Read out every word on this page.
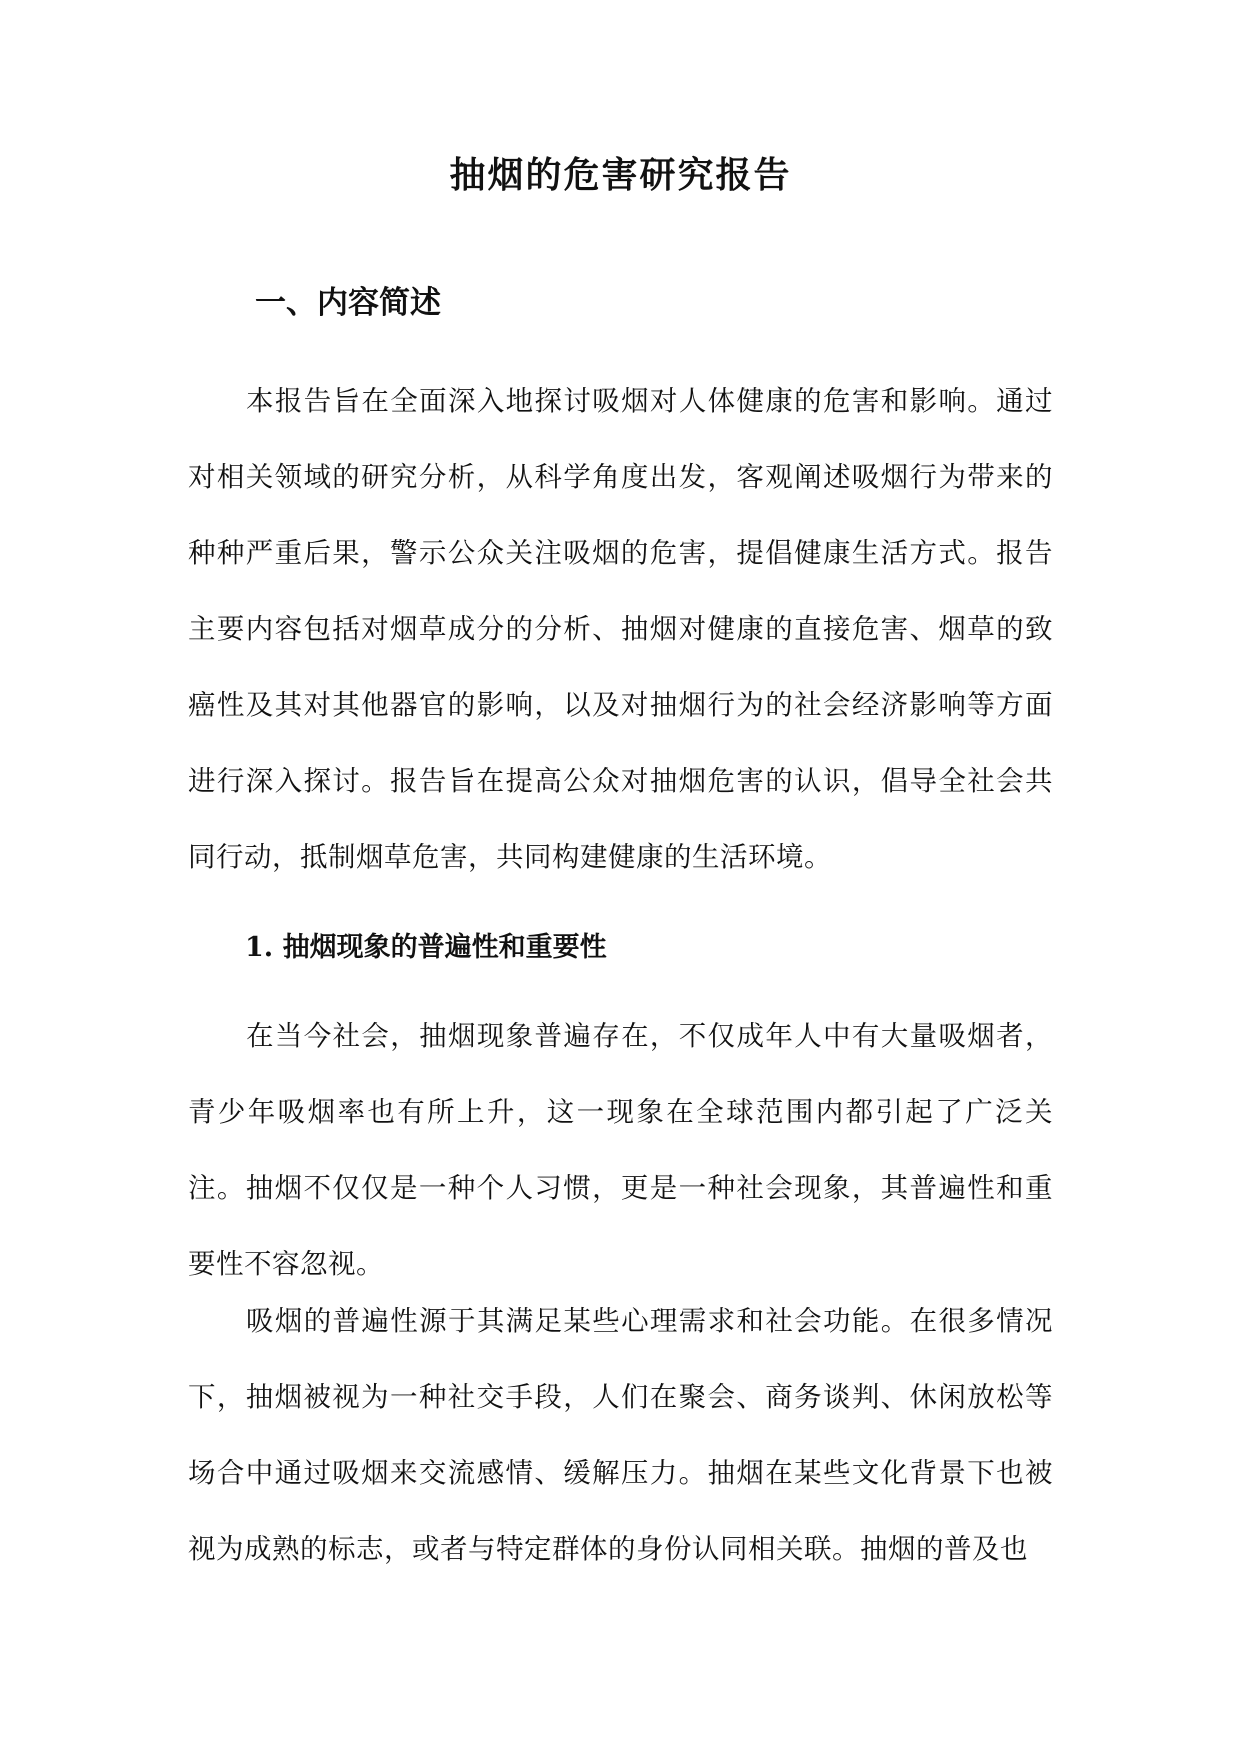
抽烟的危害研究报告
一、内容简述

本报告旨在全面深入地探讨吸烟对人体健康的危害和影响。通过对相关领域的研究分析，从科学角度出发，客观阐述吸烟行为带来的种种严重后果，警示公众关注吸烟的危害，提倡健康生活方式。报告主要内容包括对烟草成分的分析、抽烟对健康的直接危害、烟草的致癌性及其对其他器官的影响，以及对抽烟行为的社会经济影响等方面进行深入探讨。报告旨在提高公众对抽烟危害的认识，倡导全社会共同行动，抵制烟草危害，共同构建健康的生活环境。

1. 抽烟现象的普遍性和重要性

在当今社会，抽烟现象普遍存在，不仅成年人中有大量吸烟者，青少年吸烟率也有所上升，这一现象在全球范围内都引起了广泛关注。抽烟不仅仅是一种个人习惯，更是一种社会现象，其普遍性和重要性不容忽视。

吸烟的普遍性源于其满足某些心理需求和社会功能。在很多情况下，抽烟被视为一种社交手段，人们在聚会、商务谈判、休闲放松等场合中通过吸烟来交流感情、缓解压力。抽烟在某些文化背景下也被视为成熟的标志，或者与特定群体的身份认同相关联。抽烟的普及也
